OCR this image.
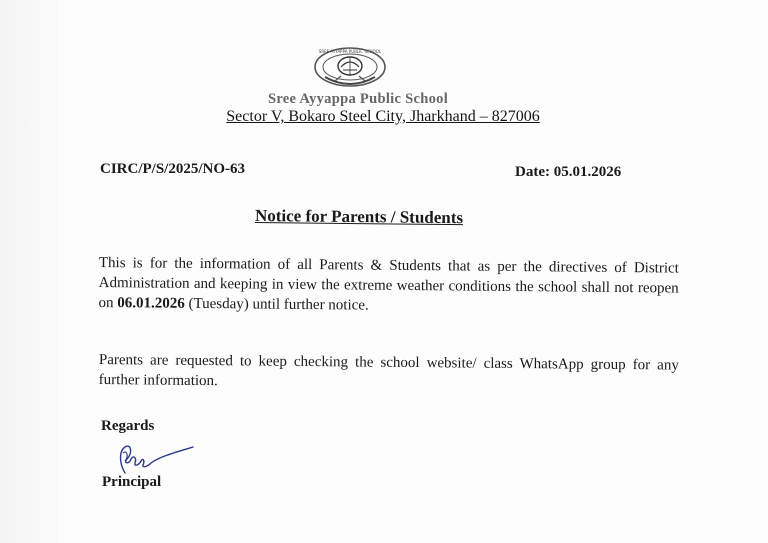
SREE AYYAPPA PUBLIC SCHOOL
Sree Ayyappa Public School
Sector V, Bokaro Steel City, Jharkhand – 827006
CIRC/P/S/2025/NO-63	Date: 05.01.2026
Notice for Parents / Students
This is for the information of all Parents & Students that as per the directives of District Administration and keeping in view the extreme weather conditions the school shall not reopen on 06.01.2026 (Tuesday) until further notice.
Parents are requested to keep checking the school website/ class WhatsApp group for any further information.
Regards
Principal
